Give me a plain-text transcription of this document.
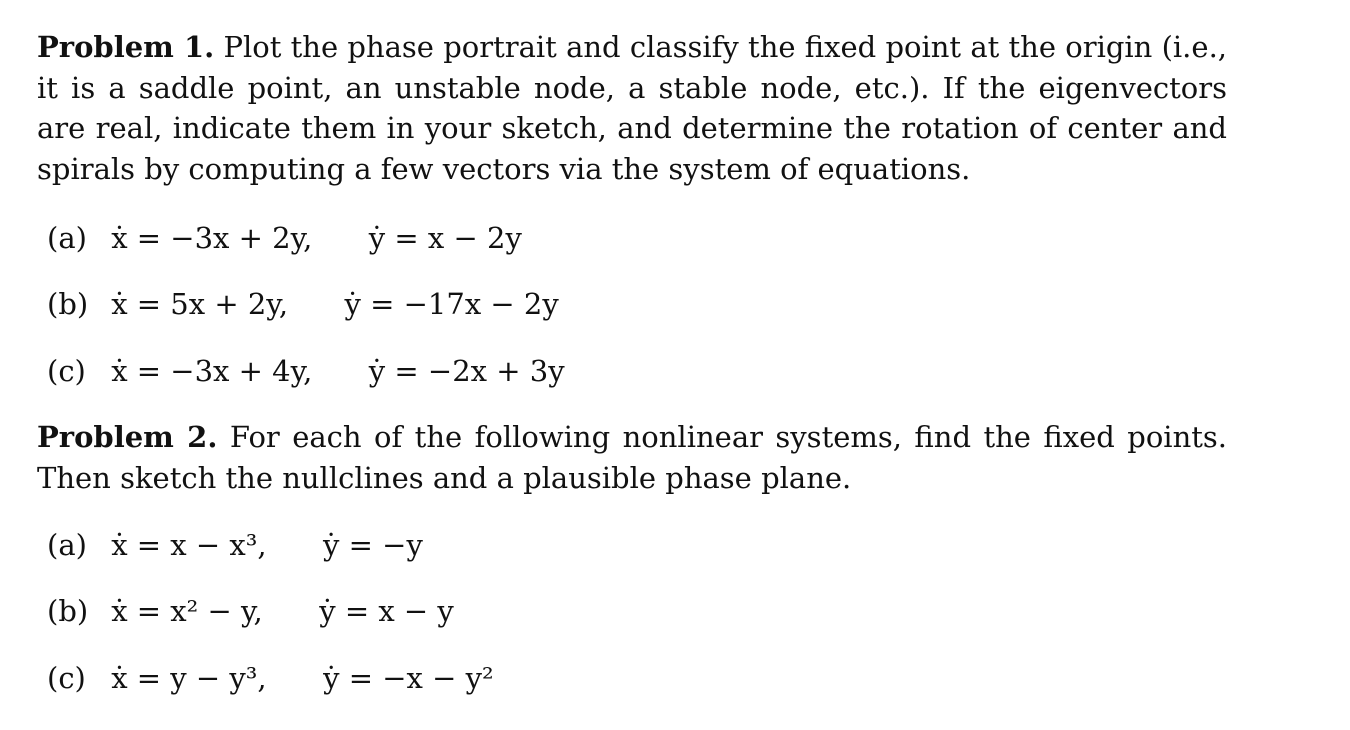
Problem 1. Plot the phase portrait and classify the fixed point at the origin (i.e., it is a saddle point, an unstable node, a stable node, etc.). If the eigenvectors are real, indicate them in your sketch, and determine the rotation of center and spirals by computing a few vectors via the system of equations.

(a) ẋ = −3x + 2y, ẏ = x − 2y
(b) ẋ = 5x + 2y, ẏ = −17x − 2y
(c) ẋ = −3x + 4y, ẏ = −2x + 3y

Problem 2. For each of the following nonlinear systems, find the fixed points. Then sketch the nullclines and a plausible phase plane.

(a) ẋ = x − x³, ẏ = −y
(b) ẋ = x² − y, ẏ = x − y
(c) ẋ = y − y³, ẏ = −x − y²
